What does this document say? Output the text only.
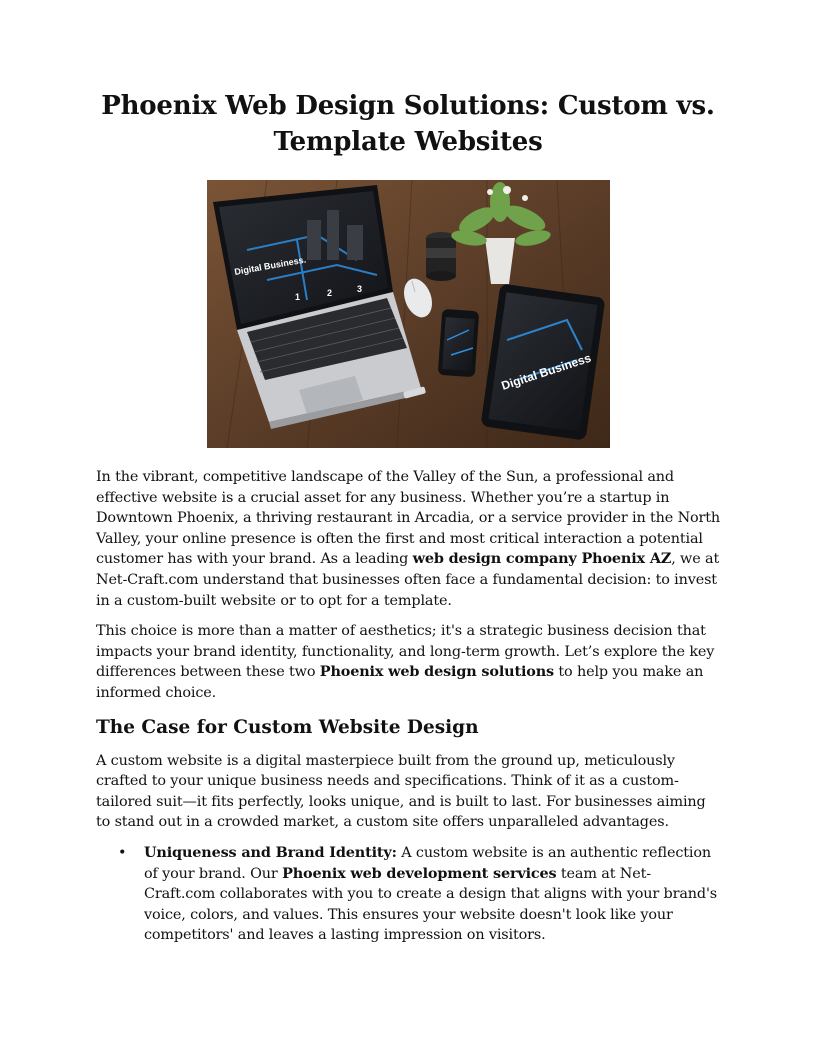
Phoenix Web Design Solutions: Custom vs. Template Websites
Digital Business.
1	2	3
Digital Business

In the vibrant, competitive landscape of the Valley of the Sun, a professional and effective website is a crucial asset for any business. Whether you’re a startup in Downtown Phoenix, a thriving restaurant in Arcadia, or a service provider in the North Valley, your online presence is often the first and most critical interaction a potential customer has with your brand. As a leading web design company Phoenix AZ, we at Net-Craft.com understand that businesses often face a fundamental decision: to invest in a custom-built website or to opt for a template.

This choice is more than a matter of aesthetics; it's a strategic business decision that impacts your brand identity, functionality, and long-term growth. Let’s explore the key differences between these two Phoenix web design solutions to help you make an informed choice.

The Case for Custom Website Design

A custom website is a digital masterpiece built from the ground up, meticulously crafted to your unique business needs and specifications. Think of it as a custom-tailored suit—it fits perfectly, looks unique, and is built to last. For businesses aiming to stand out in a crowded market, a custom site offers unparalleled advantages.

• Uniqueness and Brand Identity: A custom website is an authentic reflection of your brand. Our Phoenix web development services team at Net-Craft.com collaborates with you to create a design that aligns with your brand's voice, colors, and values. This ensures your website doesn't look like your competitors' and leaves a lasting impression on visitors.
